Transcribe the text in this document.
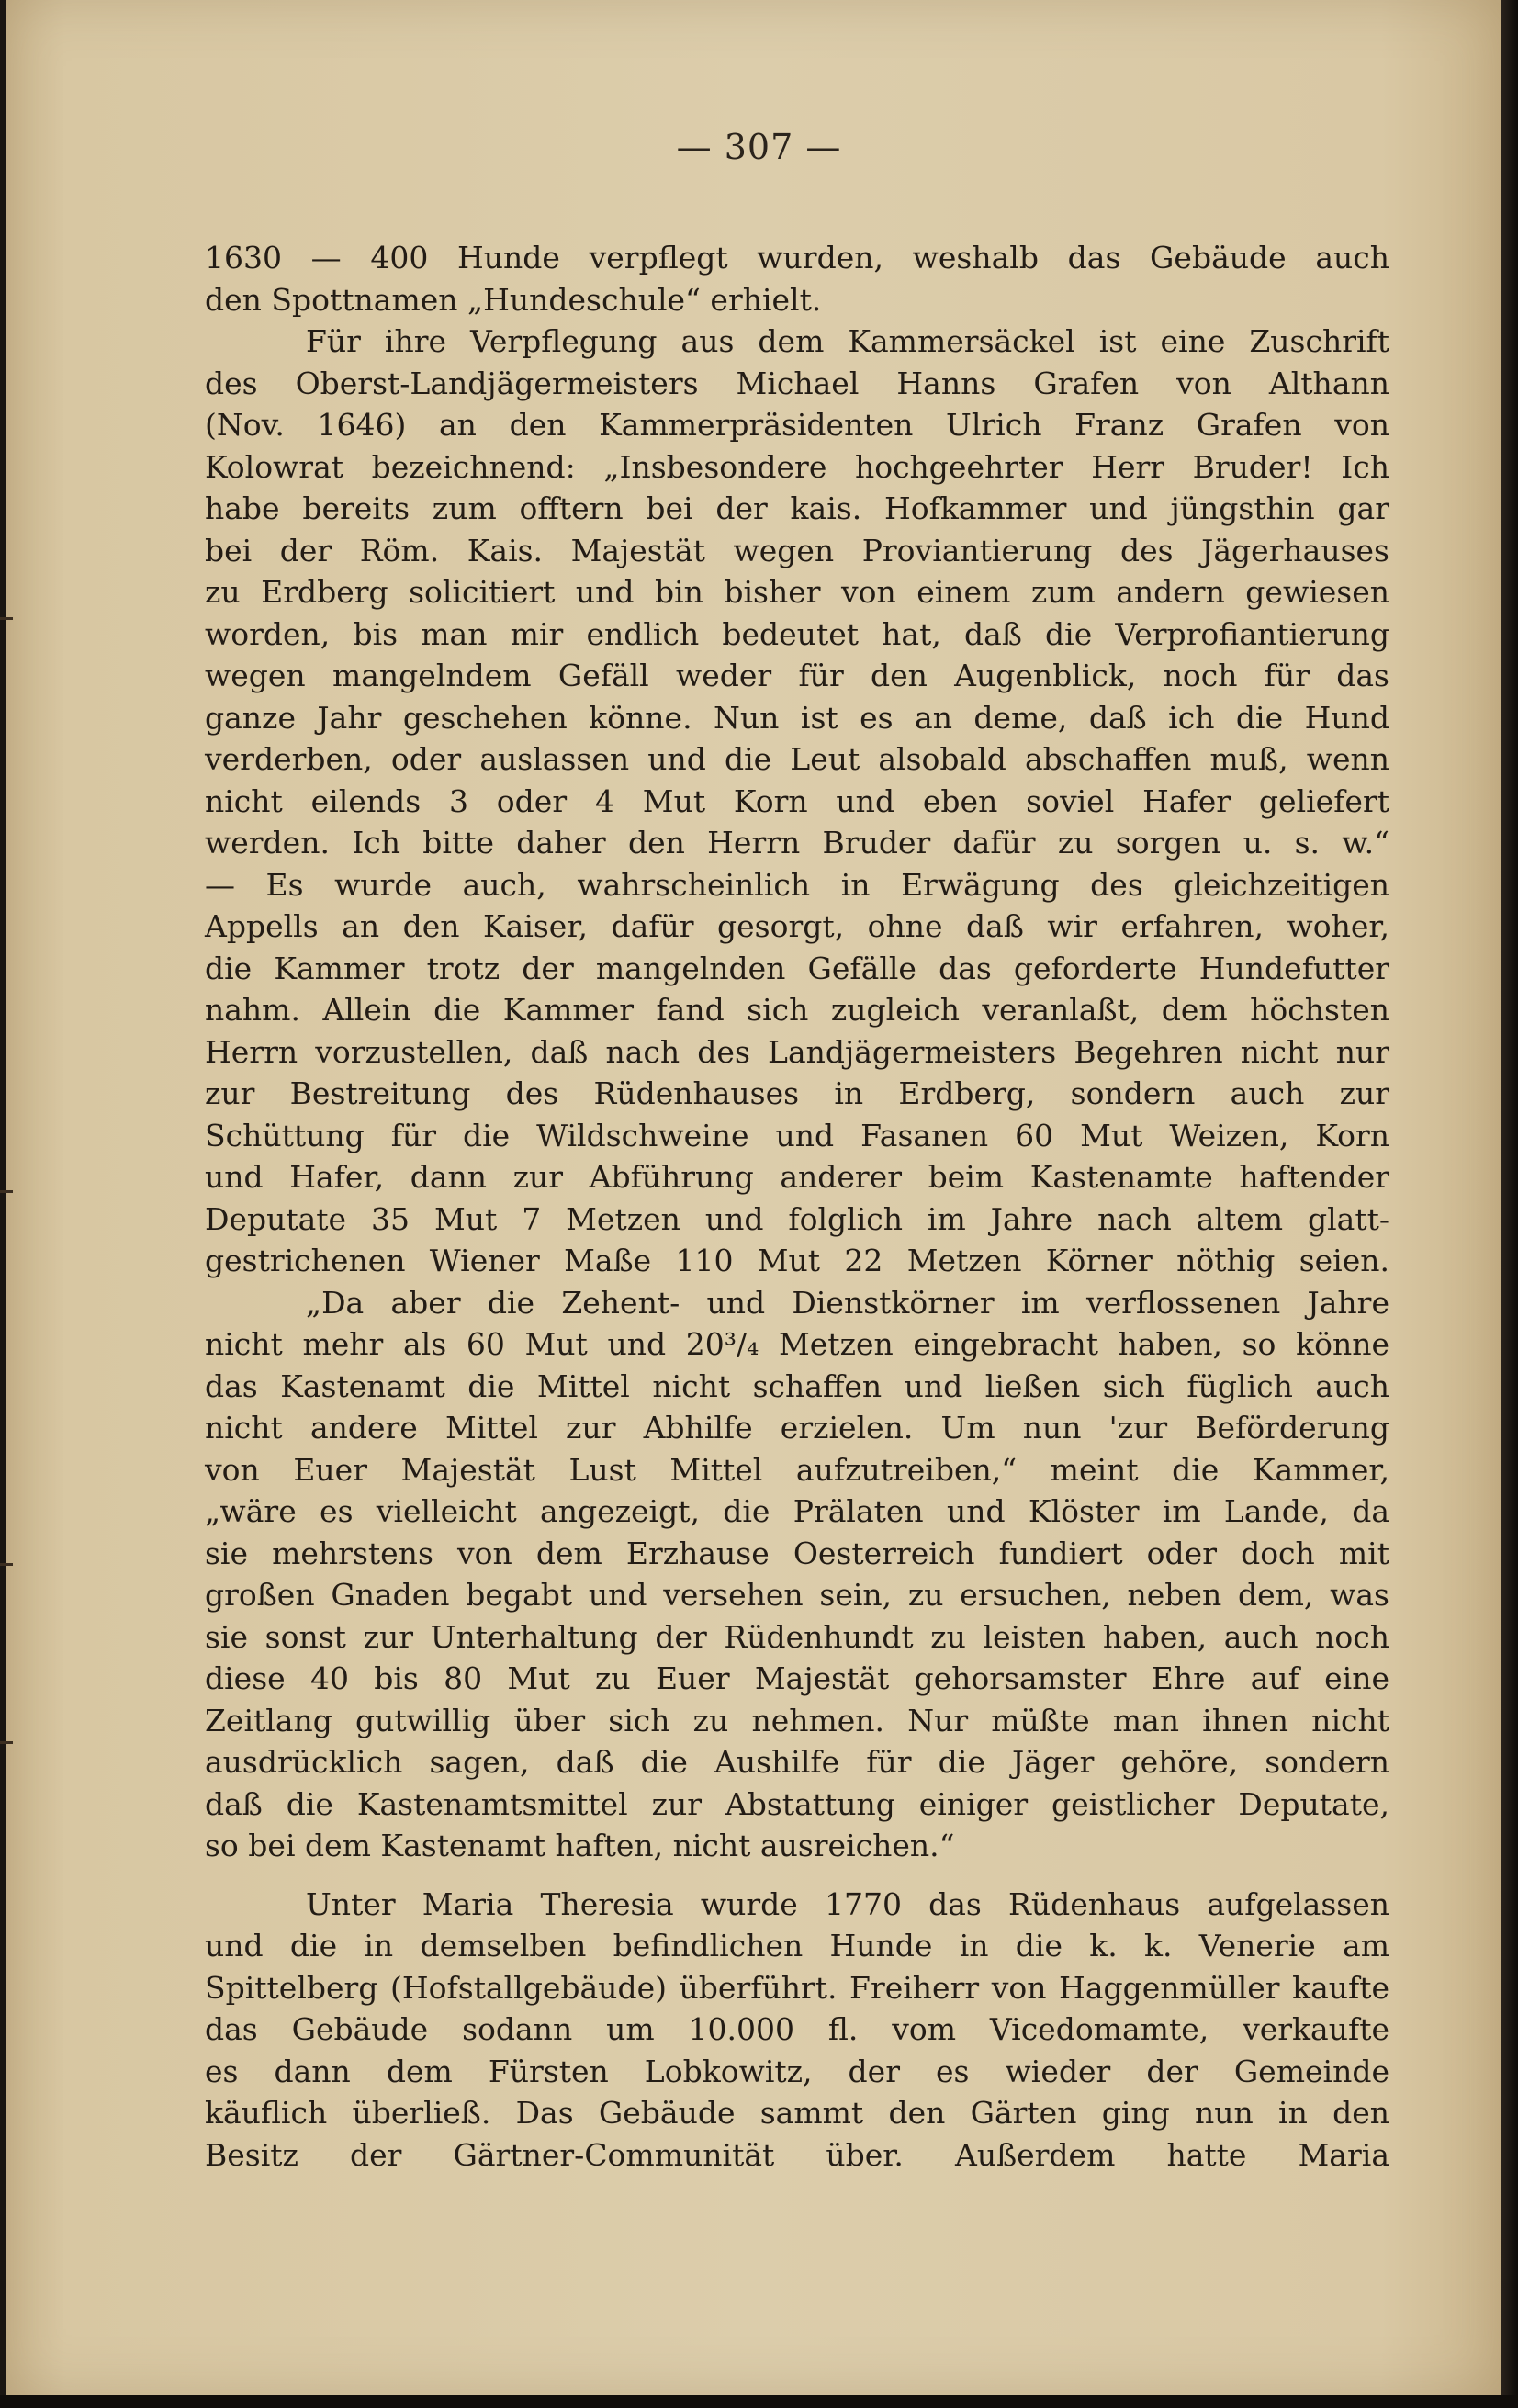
— 307 —
1630 — 400 Hunde verpflegt wurden, weshalb das Gebäude auch
den Spottnamen „Hundeschule“ erhielt.
Für ihre Verpflegung aus dem Kammersäckel ist eine Zuschrift
des Oberst-Landjägermeisters Michael Hanns Grafen von Althann
(Nov. 1646) an den Kammerpräsidenten Ulrich Franz Grafen von
Kolowrat bezeichnend: „Insbesondere hochgeehrter Herr Bruder! Ich
habe bereits zum offtern bei der kais. Hofkammer und jüngsthin gar
bei der Röm. Kais. Majestät wegen Proviantierung des Jägerhauses
zu Erdberg solicitiert und bin bisher von einem zum andern gewiesen
worden, bis man mir endlich bedeutet hat, daß die Verprofiantierung
wegen mangelndem Gefäll weder für den Augenblick, noch für das
ganze Jahr geschehen könne. Nun ist es an deme, daß ich die Hund
verderben, oder auslassen und die Leut alsobald abschaffen muß, wenn
nicht eilends 3 oder 4 Mut Korn und eben soviel Hafer geliefert
werden. Ich bitte daher den Herrn Bruder dafür zu sorgen u. s. w.“
— Es wurde auch, wahrscheinlich in Erwägung des gleichzeitigen
Appells an den Kaiser, dafür gesorgt, ohne daß wir erfahren, woher,
die Kammer trotz der mangelnden Gefälle das geforderte Hundefutter
nahm. Allein die Kammer fand sich zugleich veranlaßt, dem höchsten
Herrn vorzustellen, daß nach des Landjägermeisters Begehren nicht nur
zur Bestreitung des Rüdenhauses in Erdberg, sondern auch zur
Schüttung für die Wildschweine und Fasanen 60 Mut Weizen, Korn
und Hafer, dann zur Abführung anderer beim Kastenamte haftender
Deputate 35 Mut 7 Metzen und folglich im Jahre nach altem glatt-
gestrichenen Wiener Maße 110 Mut 22 Metzen Körner nöthig seien.
„Da aber die Zehent- und Dienstkörner im verflossenen Jahre
nicht mehr als 60 Mut und 20³/₄ Metzen eingebracht haben, so könne
das Kastenamt die Mittel nicht schaffen und ließen sich füglich auch
nicht andere Mittel zur Abhilfe erzielen. Um nun 'zur Beförderung
von Euer Majestät Lust Mittel aufzutreiben,“ meint die Kammer,
„wäre es vielleicht angezeigt, die Prälaten und Klöster im Lande, da
sie mehrstens von dem Erzhause Oesterreich fundiert oder doch mit
großen Gnaden begabt und versehen sein, zu ersuchen, neben dem, was
sie sonst zur Unterhaltung der Rüdenhundt zu leisten haben, auch noch
diese 40 bis 80 Mut zu Euer Majestät gehorsamster Ehre auf eine
Zeitlang gutwillig über sich zu nehmen. Nur müßte man ihnen nicht
ausdrücklich sagen, daß die Aushilfe für die Jäger gehöre, sondern
daß die Kastenamtsmittel zur Abstattung einiger geistlicher Deputate,
so bei dem Kastenamt haften, nicht ausreichen.“
Unter Maria Theresia wurde 1770 das Rüdenhaus aufgelassen
und die in demselben befindlichen Hunde in die k. k. Venerie am
Spittelberg (Hofstallgebäude) überführt. Freiherr von Haggenmüller kaufte
das Gebäude sodann um 10.000 fl. vom Vicedomamte, verkaufte
es dann dem Fürsten Lobkowitz, der es wieder der Gemeinde
käuflich überließ. Das Gebäude sammt den Gärten ging nun in den
Besitz der Gärtner-Communität über. Außerdem hatte Maria
